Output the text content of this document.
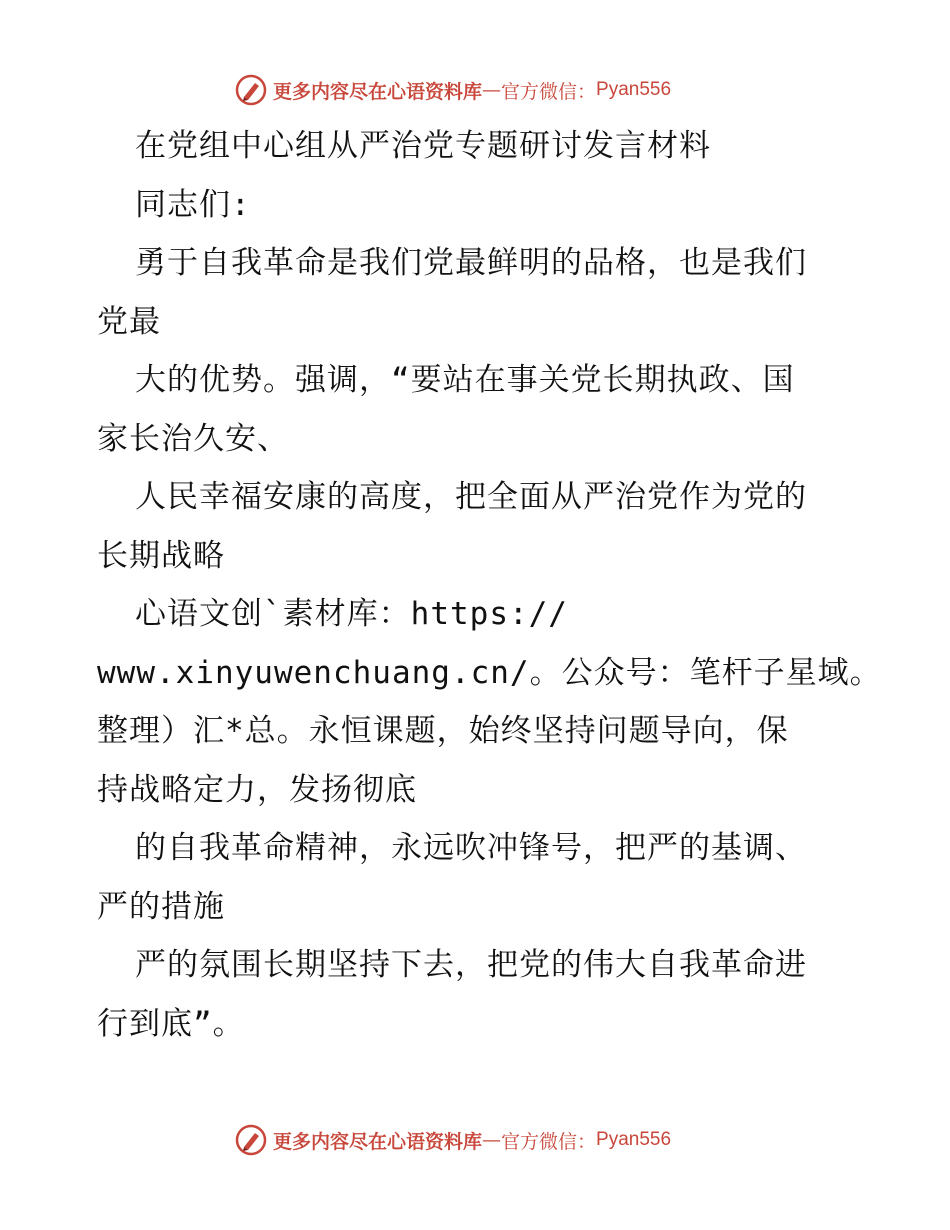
更多内容尽在心语资料库 — 官方微信： Pyan556
在党组中心组从严治党专题研讨发言材料
同志们:
勇于自我革命是我们党最鲜明的品格，也是我们
党最
大的优势。强调，“要站在事关党长期执政、国
家长治久安、
人民幸福安康的高度，把全面从严治党作为党的
长期战略
心语文创`素材库：https://
www.xinyuwenchuang.cn/。公众号：笔杆子星域。
整理）汇*总。永恒课题，始终坚持问题导向，保
持战略定力，发扬彻底
的自我革命精神，永远吹冲锋号，把严的基调、
严的措施
严的氛围长期坚持下去，把党的伟大自我革命进
行到底”。
更多内容尽在心语资料库 — 官方微信： Pyan556
